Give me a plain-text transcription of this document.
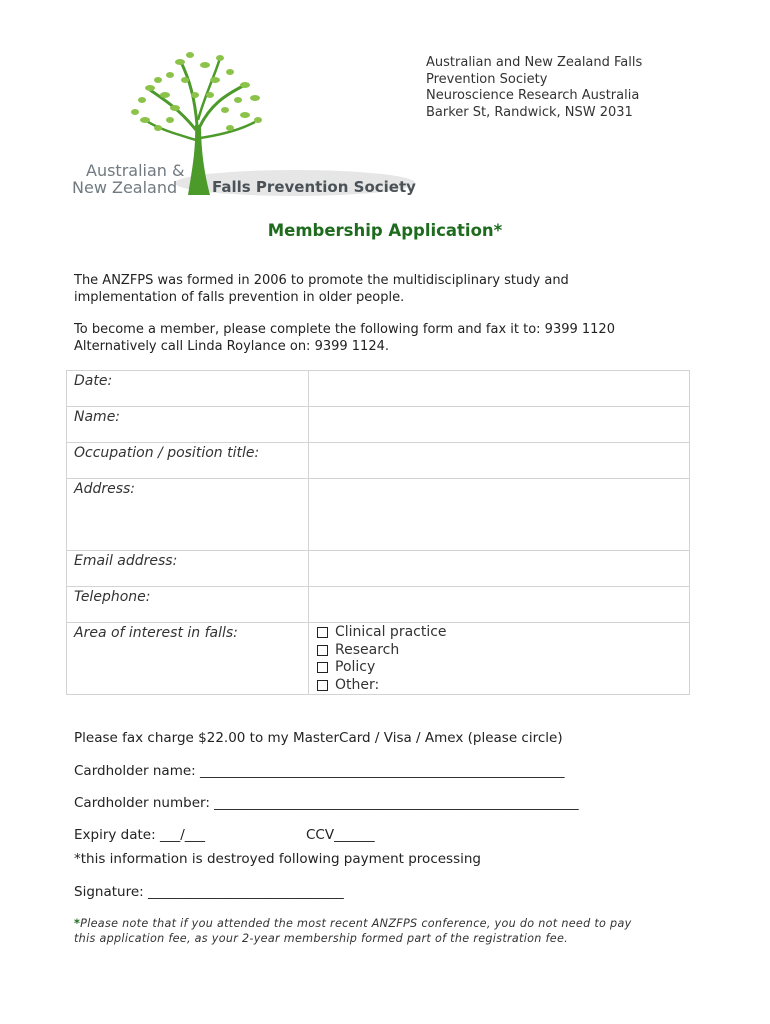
Australian &
New Zealand Falls Prevention Society
Australian and New Zealand Falls
Prevention Society
Neuroscience Research Australia
Barker St, Randwick, NSW 2031
Membership Application*
The ANZFPS was formed in 2006 to promote the multidisciplinary study and
implementation of falls prevention in older people.
To become a member, please complete the following form and fax it to: 9399 1120
Alternatively call Linda Roylance on: 9399 1124.
Date:	
Name:	
Occupation / position title:	
Address:	
Email address:	
Telephone:	
Area of interest in falls:	Clinical practice
Research
Policy
Other:
Please fax charge $22.00 to my MasterCard / Visa / Amex (please circle)
Cardholder name: ______________________________________________________
Cardholder number: ______________________________________________________
Expiry date: ___/___	CCV______
*this information is destroyed following payment processing
Signature: _____________________________
*Please note that if you attended the most recent ANZFPS conference, you do not need to pay
this application fee, as your 2-year membership formed part of the registration fee.
